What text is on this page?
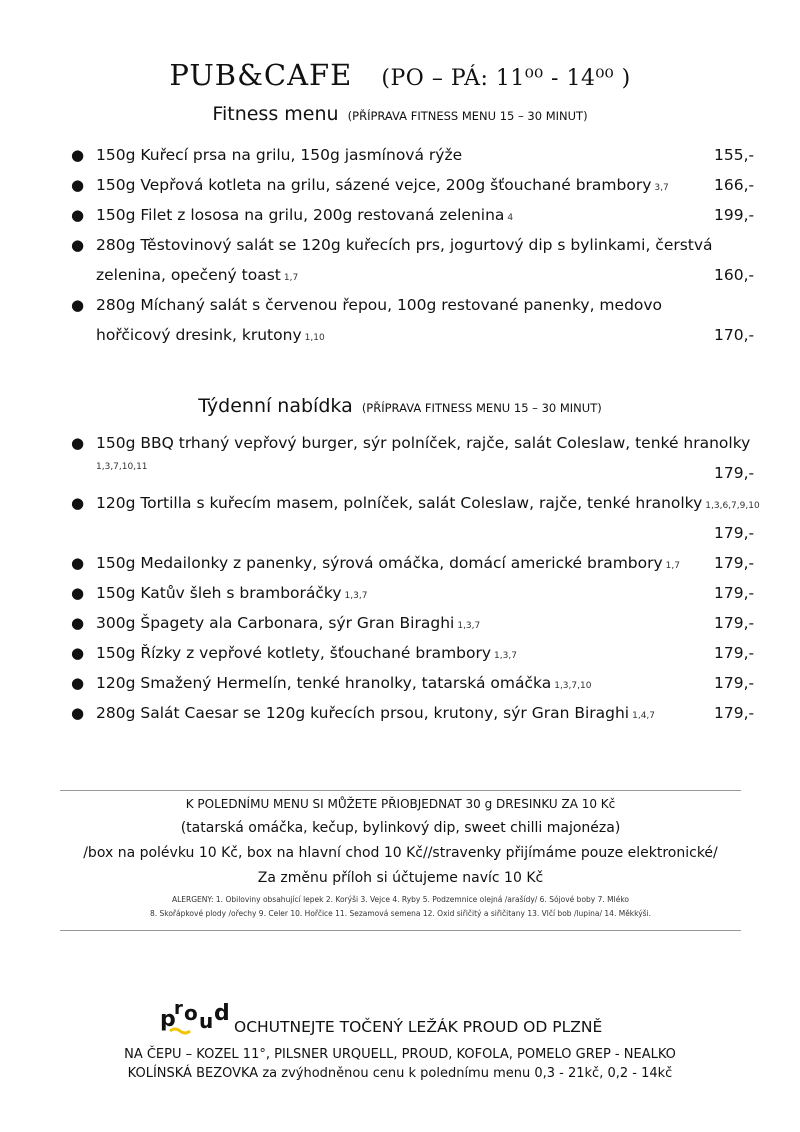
PUB&CAFE (PO – PÁ: 11⁰⁰ - 14⁰⁰ )
Fitness menu (PŘÍPRAVA FITNESS MENU 15 – 30 MINUT)
● 150g Kuřecí prsa na grilu, 150g jasmínová rýže	155,-
● 150g Vepřová kotleta na grilu, sázené vejce, 200g šťouchané brambory 3,7	166,-
● 150g Filet z lososa na grilu, 200g restovaná zelenina 4	199,-
● 280g Těstovinový salát se 120g kuřecích prs, jogurtový dip s bylinkami, čerstvá
zelenina, opečený toast 1,7	160,-
● 280g Míchaný salát s červenou řepou, 100g restované panenky, medovo
hořčicový dresink, krutony 1,10	170,-
Týdenní nabídka (PŘÍPRAVA FITNESS MENU 15 – 30 MINUT)
● 150g BBQ trhaný vepřový burger, sýr polníček, rajče, salát Coleslaw, tenké hranolky
1,3,7,10,11	179,-
● 120g Tortilla s kuřecím masem, polníček, salát Coleslaw, rajče, tenké hranolky 1,3,6,7,9,10
179,-
● 150g Medailonky z panenky, sýrová omáčka, domácí americké brambory 1,7 179,-
● 150g Katův šleh s bramboráčky 1,3,7	179,-
● 300g Špagety ala Carbonara, sýr Gran Biraghi 1,3,7	179,-
● 150g Řízky z vepřové kotlety, šťouchané brambory 1,3,7	179,-
● 120g Smažený Hermelín, tenké hranolky, tatarská omáčka 1,3,7,10	179,-
● 280g Salát Caesar se 120g kuřecích prsou, krutony, sýr Gran Biraghi 1,4,7	179,-
K POLEDNÍMU MENU SI MŮŽETE PŘIOBJEDNAT 30 g DRESINKU ZA 10 Kč
(tatarská omáčka, kečup, bylinkový dip, sweet chilli majonéza)
/box na polévku 10 Kč, box na hlavní chod 10 Kč//stravenky přijímáme pouze elektronické/
Za změnu příloh si účtujeme navíc 10 Kč
ALERGENY: 1. Obiloviny obsahující lepek 2. Korýši 3. Vejce 4. Ryby 5. Podzemnice olejná /arašídy/ 6. Sójové boby 7. Mléko
8. Skořápkové plody /ořechy 9. Celer 10. Hořčice 11. Sezamová semena 12. Oxid siřičitý a siřičitany 13. Vlčí bob /lupina/ 14. Měkkýši.
p
r o u d
OCHUTNEJTE TOČENÝ LEŽÁK PROUD OD PLZNĚ
NA ČEPU – KOZEL 11°, PILSNER URQUELL, PROUD, KOFOLA, POMELO GREP - NEALKO
KOLÍNSKÁ BEZOVKA za zvýhodněnou cenu k polednímu menu 0,3 - 21kč, 0,2 - 14kč
